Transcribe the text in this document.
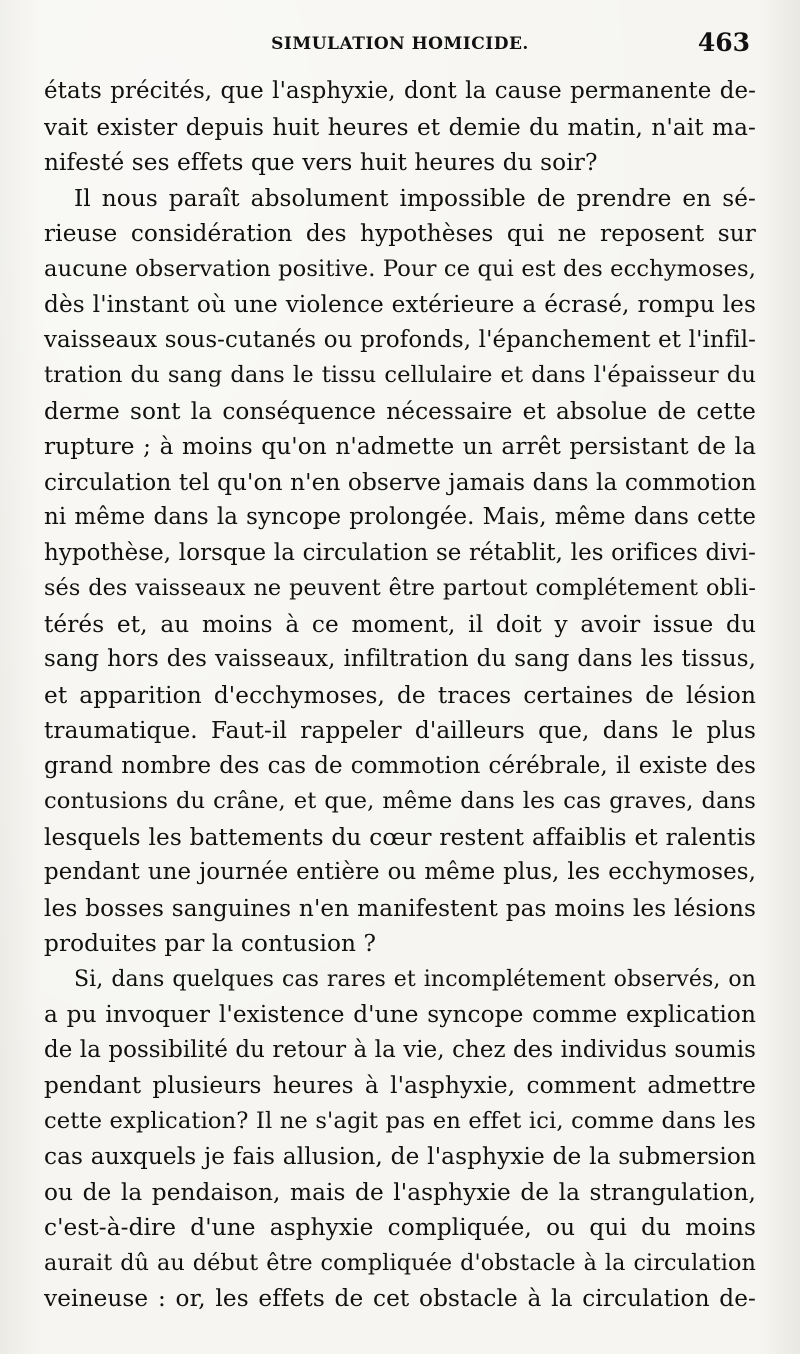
SIMULATION HOMICIDE.	463
états précités, que l'asphyxie, dont la cause permanente de-
vait exister depuis huit heures et demie du matin, n'ait ma-
nifesté ses effets que vers huit heures du soir?
Il nous paraît absolument impossible de prendre en sé-
rieuse considération des hypothèses qui ne reposent sur
aucune observation positive. Pour ce qui est des ecchymoses,
dès l'instant où une violence extérieure a écrasé, rompu les
vaisseaux sous-cutanés ou profonds, l'épanchement et l'infil-
tration du sang dans le tissu cellulaire et dans l'épaisseur du
derme sont la conséquence nécessaire et absolue de cette
rupture ; à moins qu'on n'admette un arrêt persistant de la
circulation tel qu'on n'en observe jamais dans la commotion
ni même dans la syncope prolongée. Mais, même dans cette
hypothèse, lorsque la circulation se rétablit, les orifices divi-
sés des vaisseaux ne peuvent être partout complétement obli-
térés et, au moins à ce moment, il doit y avoir issue du
sang hors des vaisseaux, infiltration du sang dans les tissus,
et apparition d'ecchymoses, de traces certaines de lésion
traumatique. Faut-il rappeler d'ailleurs que, dans le plus
grand nombre des cas de commotion cérébrale, il existe des
contusions du crâne, et que, même dans les cas graves, dans
lesquels les battements du cœur restent affaiblis et ralentis
pendant une journée entière ou même plus, les ecchymoses,
les bosses sanguines n'en manifestent pas moins les lésions
produites par la contusion ?
Si, dans quelques cas rares et incomplétement observés, on
a pu invoquer l'existence d'une syncope comme explication
de la possibilité du retour à la vie, chez des individus soumis
pendant plusieurs heures à l'asphyxie, comment admettre
cette explication? Il ne s'agit pas en effet ici, comme dans les
cas auxquels je fais allusion, de l'asphyxie de la submersion
ou de la pendaison, mais de l'asphyxie de la strangulation,
c'est-à-dire d'une asphyxie compliquée, ou qui du moins
aurait dû au début être compliquée d'obstacle à la circulation
veineuse : or, les effets de cet obstacle à la circulation de-
